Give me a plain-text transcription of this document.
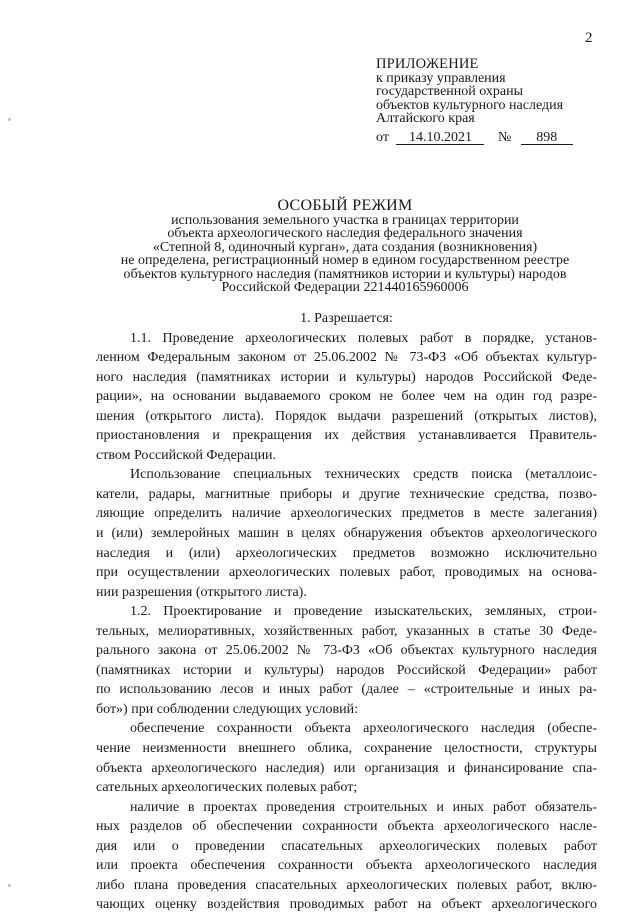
2
ПРИЛОЖЕНИЕ
к приказу управления
государственной охраны
объектов культурного наследия
Алтайского края
от 14.10.2021 № 898
ОСОБЫЙ РЕЖИМ
использования земельного участка в границах территории
объекта археологического наследия федерального значения
«Степной 8, одиночный курган», дата создания (возникновения)
не определена, регистрационный номер в едином государственном реестре
объектов культурного наследия (памятников истории и культуры) народов
Российской Федерации 221440165960006
1. Разрешается:
1.1. Проведение археологических полевых работ в порядке, установ-
ленном Федеральным законом от 25.06.2002 № 73-ФЗ «Об объектах культур-
ного наследия (памятниках истории и культуры) народов Российской Феде-
рации», на основании выдаваемого сроком не более чем на один год разре-
шения (открытого листа). Порядок выдачи разрешений (открытых листов),
приостановления и прекращения их действия устанавливается Правитель-
ством Российской Федерации.
Использование специальных технических средств поиска (металлоис-
катели, радары, магнитные приборы и другие технические средства, позво-
ляющие определить наличие археологических предметов в месте залегания)
и (или) землеройных машин в целях обнаружения объектов археологического
наследия и (или) археологических предметов возможно исключительно
при осуществлении археологических полевых работ, проводимых на основа-
нии разрешения (открытого листа).
1.2. Проектирование и проведение изыскательских, земляных, строи-
тельных, мелиоративных, хозяйственных работ, указанных в статье 30 Феде-
рального закона от 25.06.2002 № 73-ФЗ «Об объектах культурного наследия
(памятниках истории и культуры) народов Российской Федерации» работ
по использованию лесов и иных работ (далее – «строительные и иных ра-
бот») при соблюдении следующих условий:
обеспечение сохранности объекта археологического наследия (обеспе-
чение неизменности внешнего облика, сохранение целостности, структуры
объекта археологического наследия) или организация и финансирование спа-
сательных археологических полевых работ;
наличие в проектах проведения строительных и иных работ обязатель-
ных разделов об обеспечении сохранности объекта археологического насле-
дия или о проведении спасательных археологических полевых работ
или проекта обеспечения сохранности объекта археологического наследия
либо плана проведения спасательных археологических полевых работ, вклю-
чающих оценку воздействия проводимых работ на объект археологического
